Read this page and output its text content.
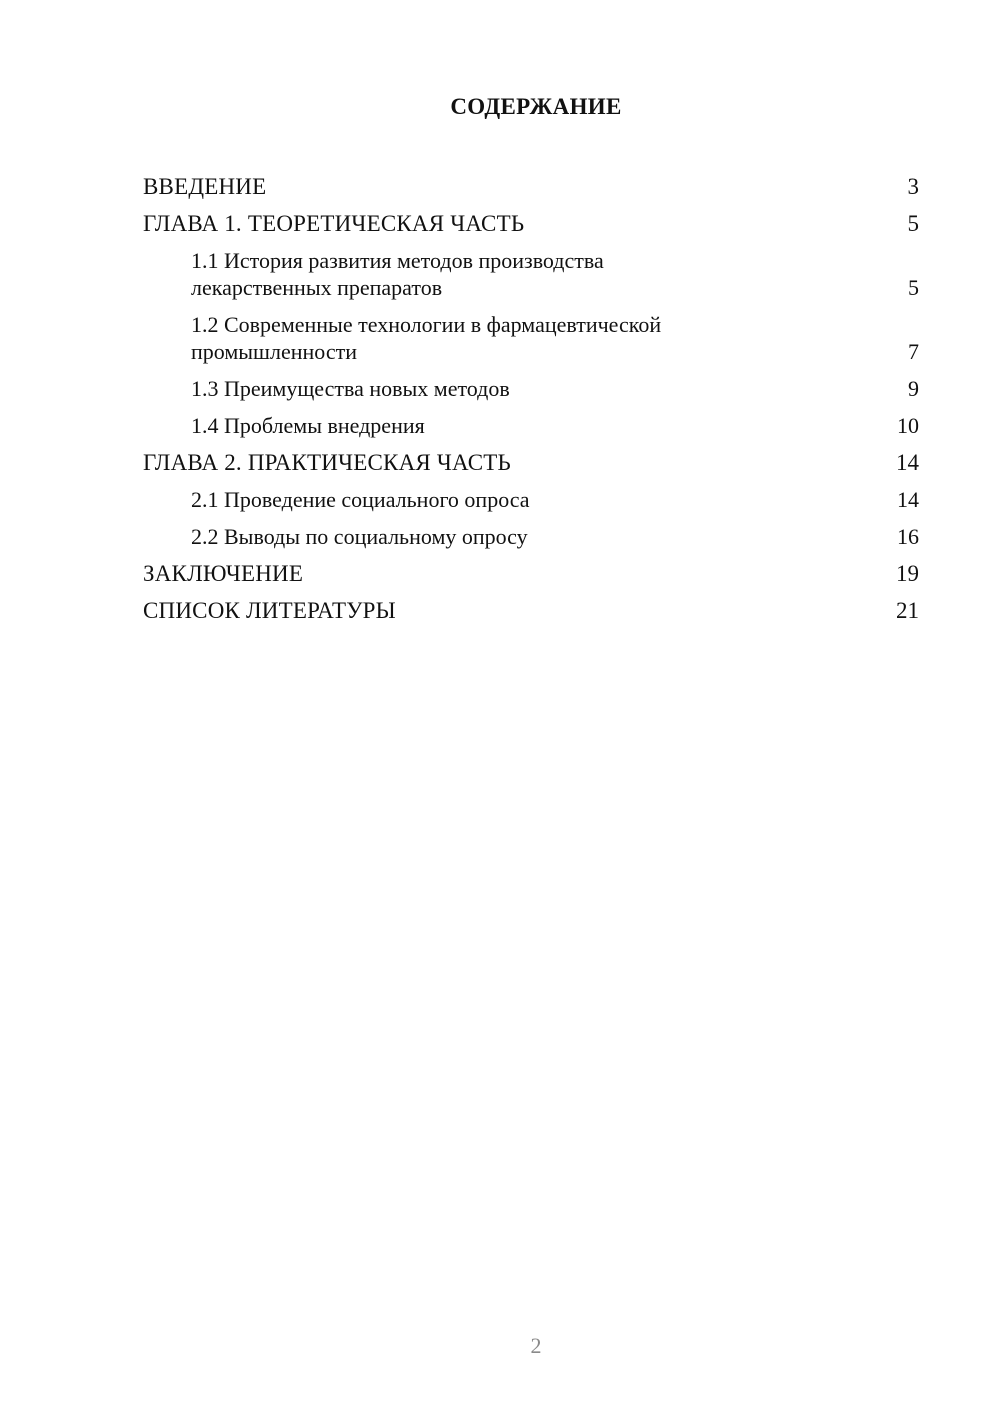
СОДЕРЖАНИЕ
ВВЕДЕНИЕ	3
ГЛАВА 1. ТЕОРЕТИЧЕСКАЯ ЧАСТЬ	5
1.1 История развития методов производства
лекарственных препаратов	5
1.2 Современные технологии в фармацевтической
промышленности	7
1.3 Преимущества новых методов	9
1.4 Проблемы внедрения	10
ГЛАВА 2. ПРАКТИЧЕСКАЯ ЧАСТЬ	14
2.1 Проведение социального опроса	14
2.2 Выводы по социальному опросу	16
ЗАКЛЮЧЕНИЕ	19
СПИСОК ЛИТЕРАТУРЫ	21
2
